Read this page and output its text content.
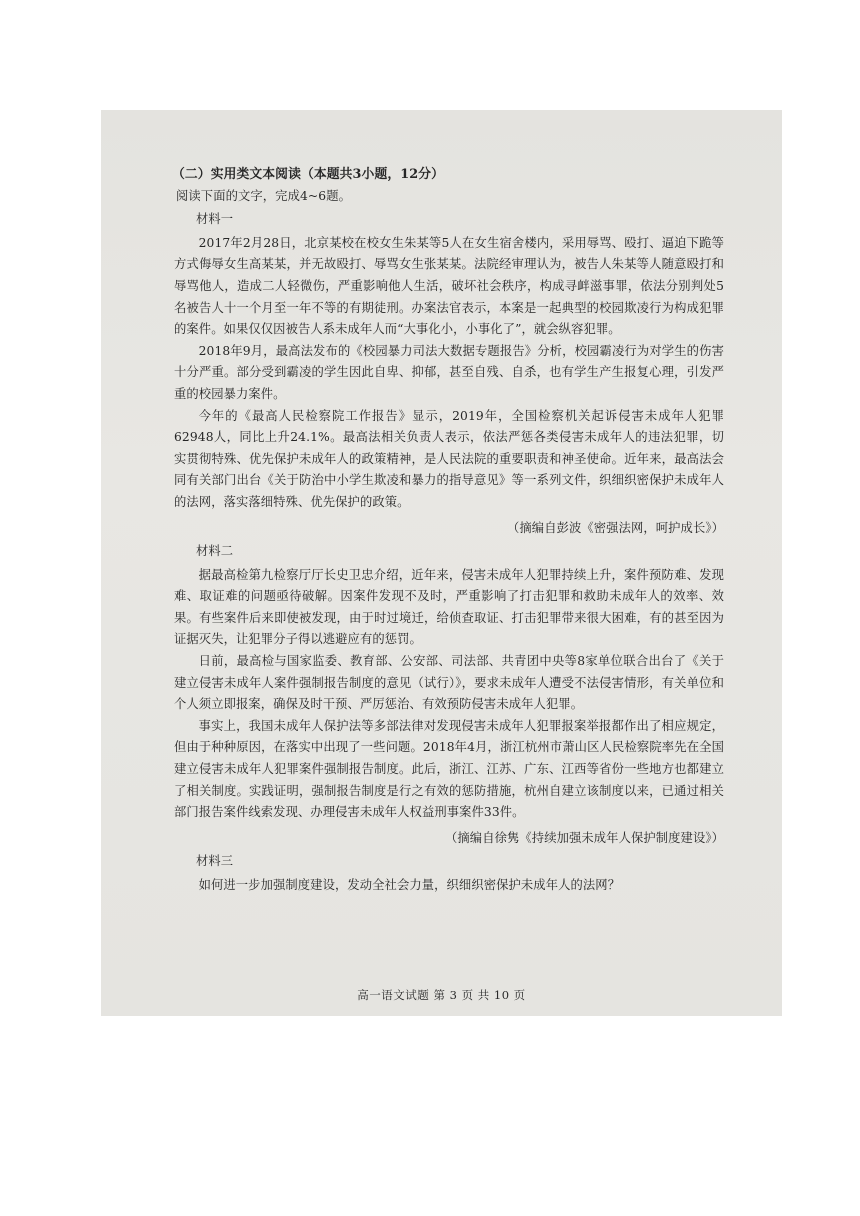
（二）实用类文本阅读（本题共3小题，12分）

阅读下面的文字，完成4~6题。

材料一

2017年2月28日，北京某校在校女生朱某等5人在女生宿舍楼内，采用辱骂、殴打、逼迫下跪等方式侮辱女生高某某，并无故殴打、辱骂女生张某某。法院经审理认为，被告人朱某等人随意殴打和辱骂他人，造成二人轻微伤，严重影响他人生活，破坏社会秩序，构成寻衅滋事罪，依法分别判处5名被告人十一个月至一年不等的有期徒刑。办案法官表示，本案是一起典型的校园欺凌行为构成犯罪的案件。如果仅仅因被告人系未成年人而“大事化小，小事化了”，就会纵容犯罪。

2018年9月，最高法发布的《校园暴力司法大数据专题报告》分析，校园霸凌行为对学生的伤害十分严重。部分受到霸凌的学生因此自卑、抑郁，甚至自残、自杀，也有学生产生报复心理，引发严重的校园暴力案件。

今年的《最高人民检察院工作报告》显示，2019年，全国检察机关起诉侵害未成年人犯罪62948人，同比上升24.1%。最高法相关负责人表示，依法严惩各类侵害未成年人的违法犯罪，切实贯彻特殊、优先保护未成年人的政策精神，是人民法院的重要职责和神圣使命。近年来，最高法会同有关部门出台《关于防治中小学生欺凌和暴力的指导意见》等一系列文件，织细织密保护未成年人的法网，落实落细特殊、优先保护的政策。

（摘编自彭波《密强法网，呵护成长》）

材料二

据最高检第九检察厅厅长史卫忠介绍，近年来，侵害未成年人犯罪持续上升，案件预防难、发现难、取证难的问题亟待破解。因案件发现不及时，严重影响了打击犯罪和救助未成年人的效率、效果。有些案件后来即使被发现，由于时过境迁，给侦查取证、打击犯罪带来很大困难，有的甚至因为证据灭失，让犯罪分子得以逃避应有的惩罚。

日前，最高检与国家监委、教育部、公安部、司法部、共青团中央等8家单位联合出台了《关于建立侵害未成年人案件强制报告制度的意见（试行）》，要求未成年人遭受不法侵害情形，有关单位和个人须立即报案，确保及时干预、严厉惩治、有效预防侵害未成年人犯罪。

事实上，我国未成年人保护法等多部法律对发现侵害未成年人犯罪报案举报都作出了相应规定，但由于种种原因，在落实中出现了一些问题。2018年4月，浙江杭州市萧山区人民检察院率先在全国建立侵害未成年人犯罪案件强制报告制度。此后，浙江、江苏、广东、江西等省份一些地方也都建立了相关制度。实践证明，强制报告制度是行之有效的惩防措施，杭州自建立该制度以来，已通过相关部门报告案件线索发现、办理侵害未成年人权益刑事案件33件。

（摘编自徐隽《持续加强未成年人保护制度建设》）

材料三

如何进一步加强制度建设，发动全社会力量，织细织密保护未成年人的法网？

高一语文试题 第 3 页 共 10 页
